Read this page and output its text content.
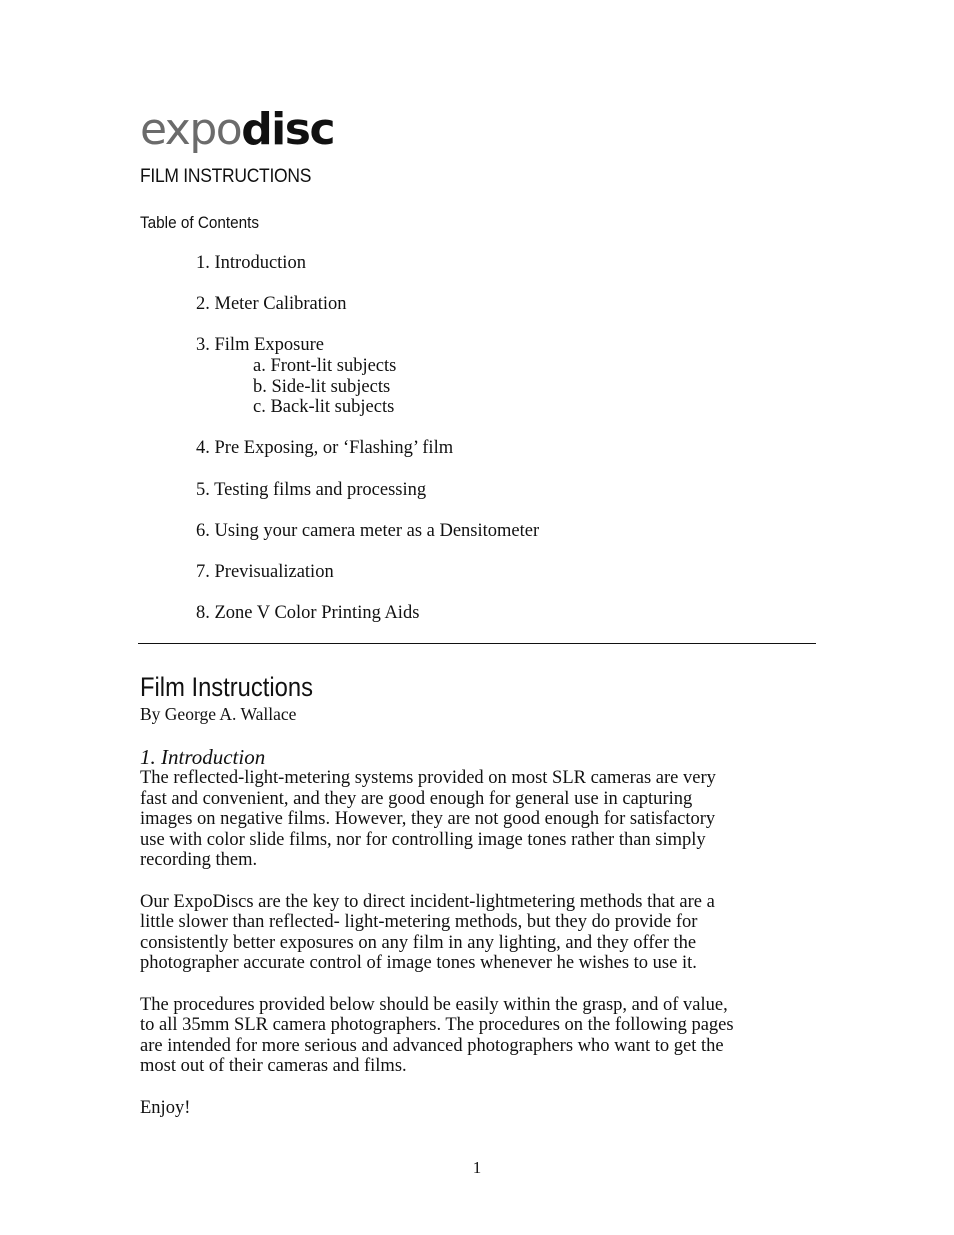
expodisc
FILM INSTRUCTIONS
Table of Contents
1. Introduction
2. Meter Calibration
3. Film Exposure
a. Front-lit subjects
b. Side-lit subjects
c. Back-lit subjects
4. Pre Exposing, or ‘Flashing’ film
5. Testing films and processing
6. Using your camera meter as a Densitometer
7. Previsualization
8. Zone V Color Printing Aids
Film Instructions
By George A. Wallace
1. Introduction

The reflected-light-metering systems provided on most SLR cameras are very
fast and convenient, and they are good enough for general use in capturing
images on negative films. However, they are not good enough for satisfactory
use with color slide films, nor for controlling image tones rather than simply
recording them.

Our ExpoDiscs are the key to direct incident-lightmetering methods that are a
little slower than reflected- light-metering methods, but they do provide for
consistently better exposures on any film in any lighting, and they offer the
photographer accurate control of image tones whenever he wishes to use it.

The procedures provided below should be easily within the grasp, and of value,
to all 35mm SLR camera photographers. The procedures on the following pages
are intended for more serious and advanced photographers who want to get the
most out of their cameras and films.

Enjoy!

1
